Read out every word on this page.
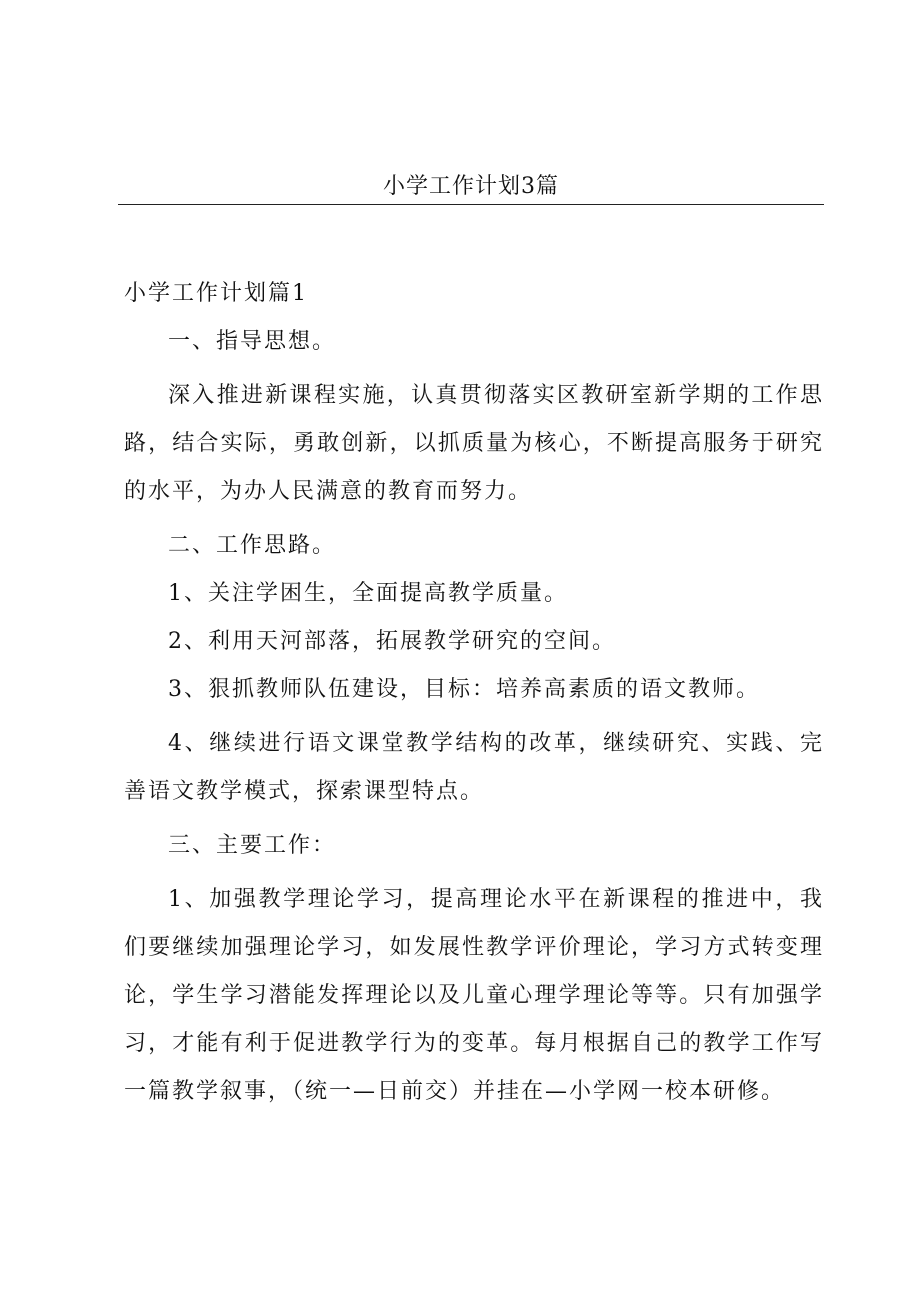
小学工作计划3篇

小学工作计划篇1

一、指导思想。

深入推进新课程实施，认真贯彻落实区教研室新学期的工作思路，结合实际，勇敢创新，以抓质量为核心，不断提高服务于研究的水平，为办人民满意的教育而努力。

二、工作思路。

1、关注学困生，全面提高教学质量。

2、利用天河部落，拓展教学研究的空间。

3、狠抓教师队伍建设，目标：培养高素质的语文教师。

4、继续进行语文课堂教学结构的改革，继续研究、实践、完善语文教学模式，探索课型特点。

三、主要工作：

1、加强教学理论学习，提高理论水平在新课程的推进中，我们要继续加强理论学习，如发展性教学评价理论，学习方式转变理论，学生学习潜能发挥理论以及儿童心理学理论等等。只有加强学习，才能有利于促进教学行为的变革。每月根据自己的教学工作写一篇教学叙事，（统一—日前交）并挂在—小学网一校本研修。
